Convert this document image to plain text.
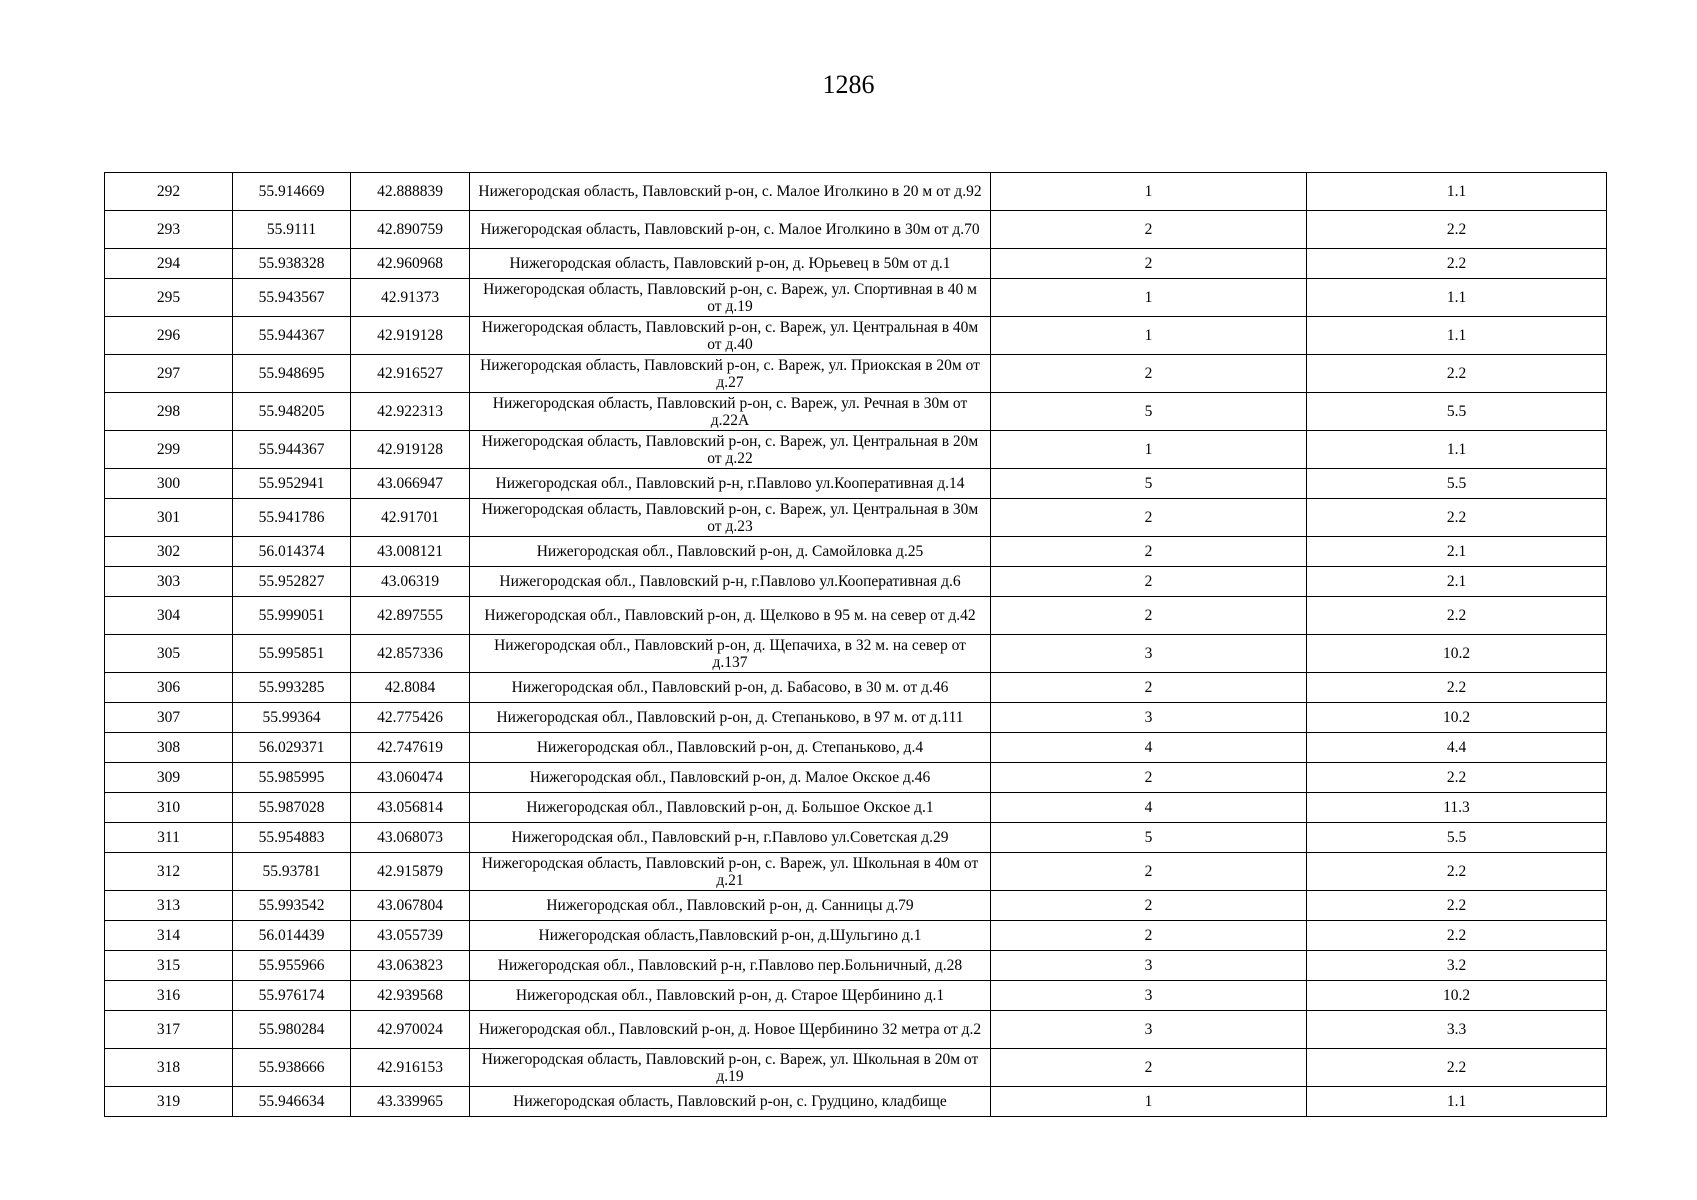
1286
292	55.914669	42.888839	Нижегородская область, Павловский р-он, с. Малое Иголкино в 20 м от д.92	1	1.1
293	55.9111	42.890759	Нижегородская область, Павловский р-он, с. Малое Иголкино в 30м от д.70	2	2.2
294	55.938328	42.960968	Нижегородская область, Павловский р-он, д. Юрьевец в 50м от д.1	2	2.2
295	55.943567	42.91373	Нижегородская область, Павловский р-он, с. Вареж, ул. Спортивная в 40 м от д.19	1	1.1
296	55.944367	42.919128	Нижегородская область, Павловский р-он, с. Вареж, ул. Центральная в 40м от д.40	1	1.1
297	55.948695	42.916527	Нижегородская область, Павловский р-он, с. Вареж, ул. Приокская в 20м от д.27	2	2.2
298	55.948205	42.922313	Нижегородская область, Павловский р-он, с. Вареж, ул. Речная в 30м от д.22А	5	5.5
299	55.944367	42.919128	Нижегородская область, Павловский р-он, с. Вареж, ул. Центральная в 20м от д.22	1	1.1
300	55.952941	43.066947	Нижегородская обл., Павловский р-н, г.Павлово ул.Кооперативная д.14	5	5.5
301	55.941786	42.91701	Нижегородская область, Павловский р-он, с. Вареж, ул. Центральная в 30м от д.23	2	2.2
302	56.014374	43.008121	Нижегородская обл., Павловский р-он, д. Самойловка д.25	2	2.1
303	55.952827	43.06319	Нижегородская обл., Павловский р-н, г.Павлово ул.Кооперативная д.6	2	2.1
304	55.999051	42.897555	Нижегородская обл., Павловский р-он, д. Щелково в 95 м. на север от д.42	2	2.2
305	55.995851	42.857336	Нижегородская обл., Павловский р-он, д. Щепачиха, в 32 м. на север от д.137	3	10.2
306	55.993285	42.8084	Нижегородская обл., Павловский р-он, д. Бабасово, в 30 м. от д.46	2	2.2
307	55.99364	42.775426	Нижегородская обл., Павловский р-он, д. Степаньково, в 97 м. от д.111	3	10.2
308	56.029371	42.747619	Нижегородская обл., Павловский р-он, д. Степаньково, д.4	4	4.4
309	55.985995	43.060474	Нижегородская обл., Павловский р-он, д. Малое Окское д.46	2	2.2
310	55.987028	43.056814	Нижегородская обл., Павловский р-он, д. Большое Окское д.1	4	11.3
311	55.954883	43.068073	Нижегородская обл., Павловский р-н, г.Павлово ул.Советская д.29	5	5.5
312	55.93781	42.915879	Нижегородская область, Павловский р-он, с. Вареж, ул. Школьная в 40м от д.21	2	2.2
313	55.993542	43.067804	Нижегородская обл., Павловский р-он, д. Санницы д.79	2	2.2
314	56.014439	43.055739	Нижегородская область,Павловский р-он, д.Шульгино д.1	2	2.2
315	55.955966	43.063823	Нижегородская обл., Павловский р-н, г.Павлово пер.Больничный, д.28	3	3.2
316	55.976174	42.939568	Нижегородская обл., Павловский р-он, д. Старое Щербинино д.1	3	10.2
317	55.980284	42.970024	Нижегородская обл., Павловский р-он, д. Новое Щербинино 32 метра от д.2	3	3.3
318	55.938666	42.916153	Нижегородская область, Павловский р-он, с. Вареж, ул. Школьная в 20м от д.19	2	2.2
319	55.946634	43.339965	Нижегородская область, Павловский р-он, с. Грудцино, кладбище	1	1.1
